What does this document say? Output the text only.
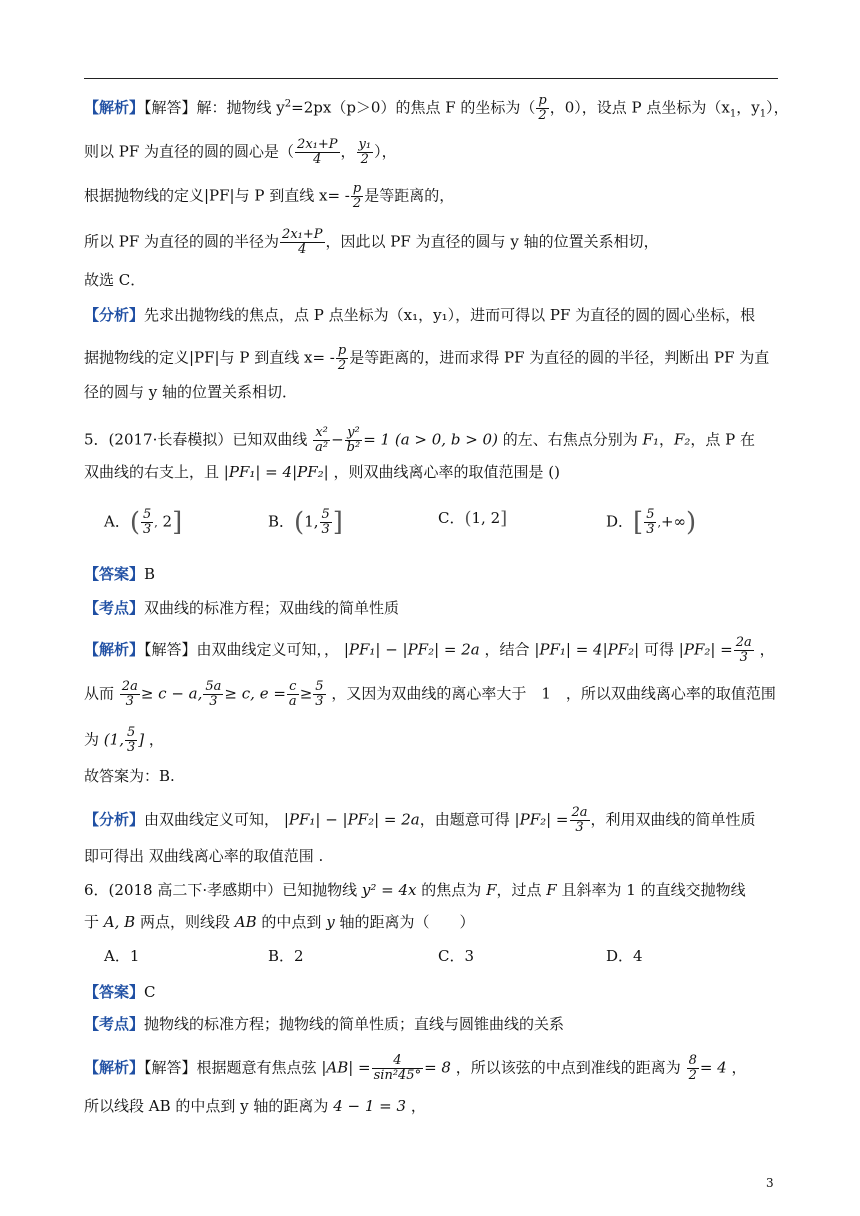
【解析】【解答】解：抛物线 $y^2=2px(p>0)$的焦点 F 的坐标为（ $\frac{p}{2}$ ，0），设点 P 点坐标为（$x_1$，$y_1$），
则以 PF 为直径的圆的圆心是（ $\frac{\text{2x₁+P}}{4}$ ， $\frac{\text{y₁}}{2}$ ），
根据抛物线的定义|PF|与 P 到直线 $x= - \frac{p}{2}$ 是等距离的，
所以 PF 为直径的圆的半径为 $\frac{\text{2x₁+P}}{4}$ ，因此以 PF 为直径的圆与 y 轴的位置关系相切，
故选 C．
【分析】先求出抛物线的焦点，点 P 点坐标为（x₁，y₁），进而可得以 PF 为直径的圆的圆心坐标，根
据抛物线的定义|PF|与 P 到直线 $x= - \frac{p}{2}$ 是等距离的，进而求得 PF 为直径的圆的半径，判断出 PF 为直
径的圆与 y 轴的位置关系相切．
5．(2017·长春模拟）已知双曲线 $\frac{\text{x²}}{\text{a²}} - \frac{\text{y²}}{\text{b²}} = 1$ (a > 0, b > 0) 的左、右焦点分别为 F₁，F₂，点 P 在
双曲线的右支上，且 |PF₁| = 4|PF₂| ，则双曲线离心率的取值范围是 ()
A．( $\frac{5}{3}$ , 2]	B．(1, $\frac{5}{3}$ ]	C．(1, 2]	D．[ $\frac{5}{3}$ ,+∞)
【答案】B
【考点】双曲线的标准方程；双曲线的简单性质
【解析】【解答】由双曲线定义可知，， |PF₁| − |PF₂| = 2a ，结合 |PF₁| = 4|PF₂| 可得 $|PF_2| = \frac{2a}{3}$ ，
从而 $\frac{2a}{3} \ge c - a$, $\frac{5a}{3} \ge c$, $e = \frac{c}{a} \ge \frac{5}{3}$ ，又因为双曲线的离心率大于　1　，所以双曲线离心率的取值范围
为 (1, $\frac{5}{3}$ ] ，
故答案为：B.
【分析】由双曲线定义可知， |PF₁| − |PF₂| = 2a，由题意可得 $|PF_2| = \frac{2a}{3}$ ，利用双曲线的简单性质
即可得出 双曲线离心率的取值范围 .
6．(2018 高二下·孝感期中）已知抛物线 y² = 4x 的焦点为 F，过点 F 且斜率为 1 的直线交抛物线
于 A, B 两点，则线段 AB 的中点到 y 轴的距离为（　　）
A．1	B．2	C．3	D．4
【答案】C
【考点】抛物线的标准方程；抛物线的简单性质；直线与圆锥曲线的关系
【解析】【解答】根据题意有焦点弦 $|AB| = \frac{4}{\text{sin²45°}} = 8$ ，所以该弦的中点到准线的距离为 $\frac{8}{2} = 4$ ，
所以线段 AB 的中点到 y 轴的距离为 4 − 1 = 3 ，
3
